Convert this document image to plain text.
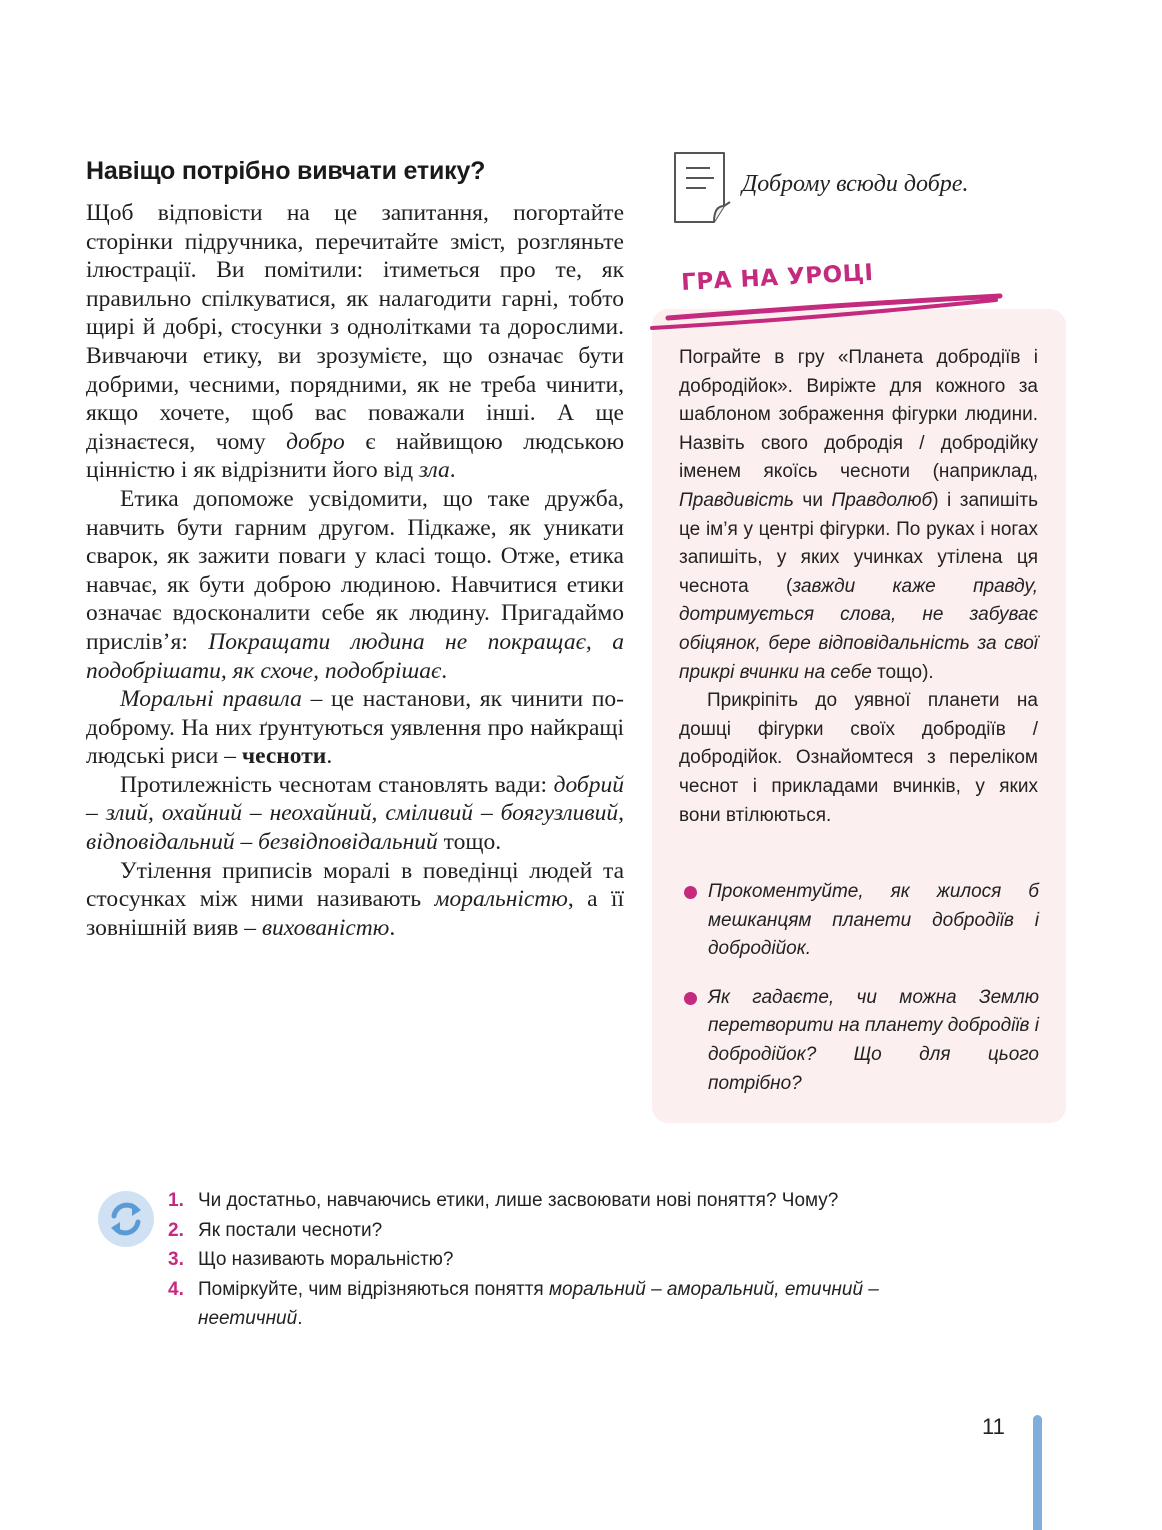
Навіщо потрібно вивчати етику?

Щоб відповісти на це запитання, погортайте сторінки підручника, перечитайте зміст, розгляньте ілюстрації. Ви помітили: ітиметься про те, як правильно спілкуватися, як налагодити гарні, тобто щирі й добрі, стосунки з однолітками та дорослими. Вивчаючи етику, ви зрозумієте, що означає бути добрими, чесними, порядними, як не треба чинити, якщо хочете, щоб вас поважали інші. А ще дізнаєтеся, чому добро є найвищою людською цінністю і як відрізнити його від зла.

Етика допоможе усвідомити, що таке дружба, навчить бути гарним другом. Підкаже, як уникати сварок, як зажити поваги у класі тощо. Отже, етика навчає, як бути доброю людиною. Навчитися етики означає вдосконалити себе як людину. Пригадаймо прислів’я: Покращати людина не покращає, а подобрішати, як схоче, подобрішає.

Моральні правила – це настанови, як чинити по-доброму. На них ґрунтуються уявлення про найкращі людські риси – чесноти.

Протилежність чеснотам становлять вади: добрий – злий, охайний – неохайний, сміливий – боягузливий, відповідальний – безвідповідальний тощо.

Утілення приписів моралі в поведінці людей та стосунках між ними називають моральністю, а її зовнішній вияв – вихованістю.

Доброму всюди добре.
ГРА НА УРОЦІ

Пограйте в гру «Планета добродіїв і добродійок». Виріжте для кожного за шаблоном зображення фігурки людини. Назвіть свого добродія / добродійку іменем якоїсь чесноти (наприклад, Правдивість чи Правдолюб) і запишіть це ім’я у центрі фігурки. По руках і ногах запишіть, у яких учинках утілена ця чеснота (завжди каже правду, дотримується слова, не забуває обіцянок, бере відповідальність за свої прикрі вчинки на себе тощо).

Прикріпіть до уявної планети на дошці фігурки своїх добродіїв / добродійок. Ознайомтеся з переліком чеснот і прикладами вчинків, у яких вони втілюються.

Прокоментуйте, як жилося б мешканцям планети добродіїв і добродійок.
Як гадаєте, чи можна Землю перетворити на планету добродіїв і добродійок? Що для цього потрібно?
1. Чи достатньо, навчаючись етики, лише засвоювати нові поняття? Чому?
2. Як постали чесноти?
3. Що називають моральністю?
4. Поміркуйте, чим відрізняються поняття моральний – аморальний, етичний – неетичний.
11
